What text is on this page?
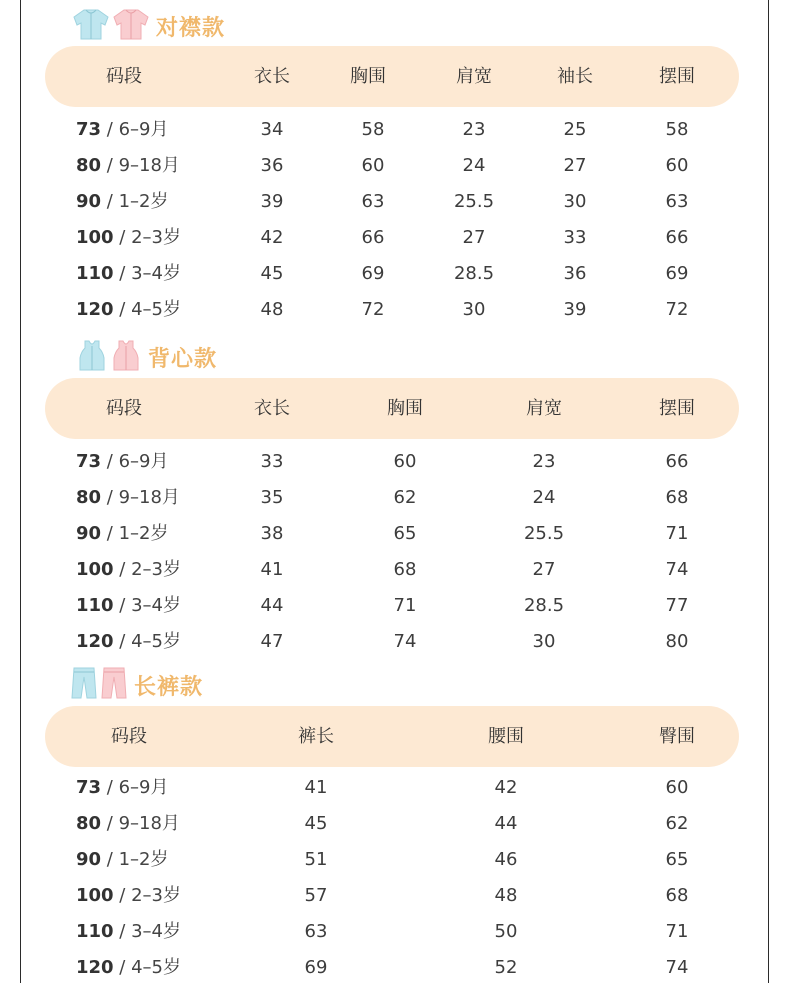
对襟款
码段	衣长	胸围	肩宽	袖长	摆围
73 / 6–9月	34	58	23	25	58
80 / 9–18月	36	60	24	27	60
90 / 1–2岁	39	63	25.5	30	63
100 / 2–3岁	42	66	27	33	66
110 / 3–4岁	45	69	28.5	36	69
120 / 4–5岁	48	72	30	39	72
背心款
码段	衣长	胸围	肩宽	摆围
73 / 6–9月	33	60	23	66
80 / 9–18月	35	62	24	68
90 / 1–2岁	38	65	25.5	71
100 / 2–3岁	41	68	27	74
110 / 3–4岁	44	71	28.5	77
120 / 4–5岁	47	74	30	80
长裤款
码段	裤长	腰围	臀围
73 / 6–9月	41	42	60
80 / 9–18月	45	44	62
90 / 1–2岁	51	46	65
100 / 2–3岁	57	48	68
110 / 3–4岁	63	50	71
120 / 4–5岁	69	52	74
